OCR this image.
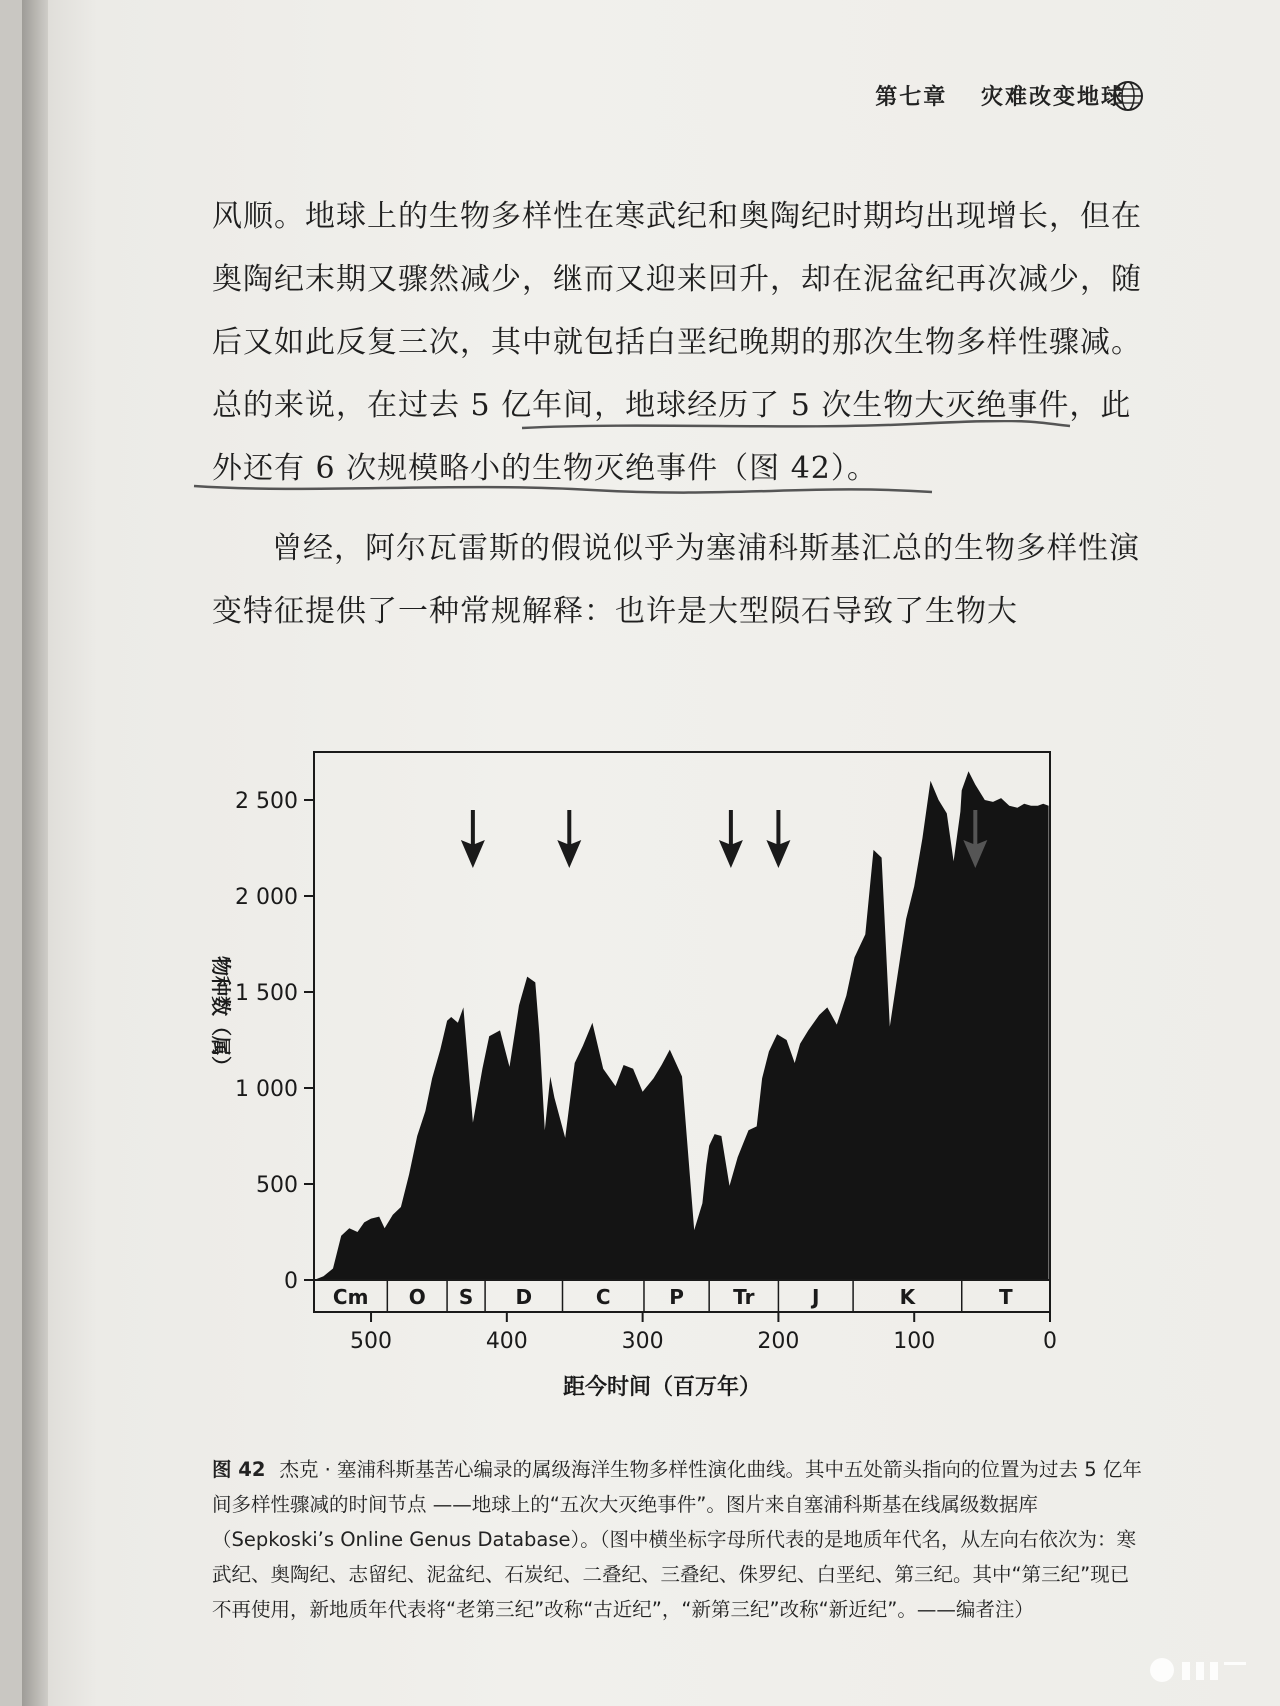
第七章 灾难改变地球
风顺。地球上的生物多样性在寒武纪和奥陶纪时期均出现增长，但在奥陶纪末期又骤然减少，继而又迎来回升，却在泥盆纪再次减少，随后又如此反复三次，其中就包括白垩纪晚期的那次生物多样性骤减。总的来说，在过去 5 亿年间，地球经历了 5 次生物大灭绝事件，此外还有 6 次规模略小的生物灭绝事件（图 42）。
曾经，阿尔瓦雷斯的假说似乎为塞浦科斯基汇总的生物多样性演变特征提供了一种常规解释：也许是大型陨石导致了生物大
0
500
1 000
1 500
2 000
2 500
物种数（属）
Cm O S D	C	P Tr	J	K	T
500	400	300	200	100	0
距今时间（百万年）
图 42 杰克 · 塞浦科斯基苦心编录的属级海洋生物多样性演化曲线。其中五处箭头指向的位置为过去 5 亿年间多样性骤减的时间节点 ——地球上的“五次大灭绝事件”。图片来自塞浦科斯基在线属级数据库（Sepkoski’s Online Genus Database）。（图中横坐标字母所代表的是地质年代名，从左向右依次为：寒武纪、奥陶纪、志留纪、泥盆纪、石炭纪、二叠纪、三叠纪、侏罗纪、白垩纪、第三纪。其中“第三纪”现已不再使用，新地质年代表将“老第三纪”改称“古近纪”，“新第三纪”改称“新近纪”。——编者注）
